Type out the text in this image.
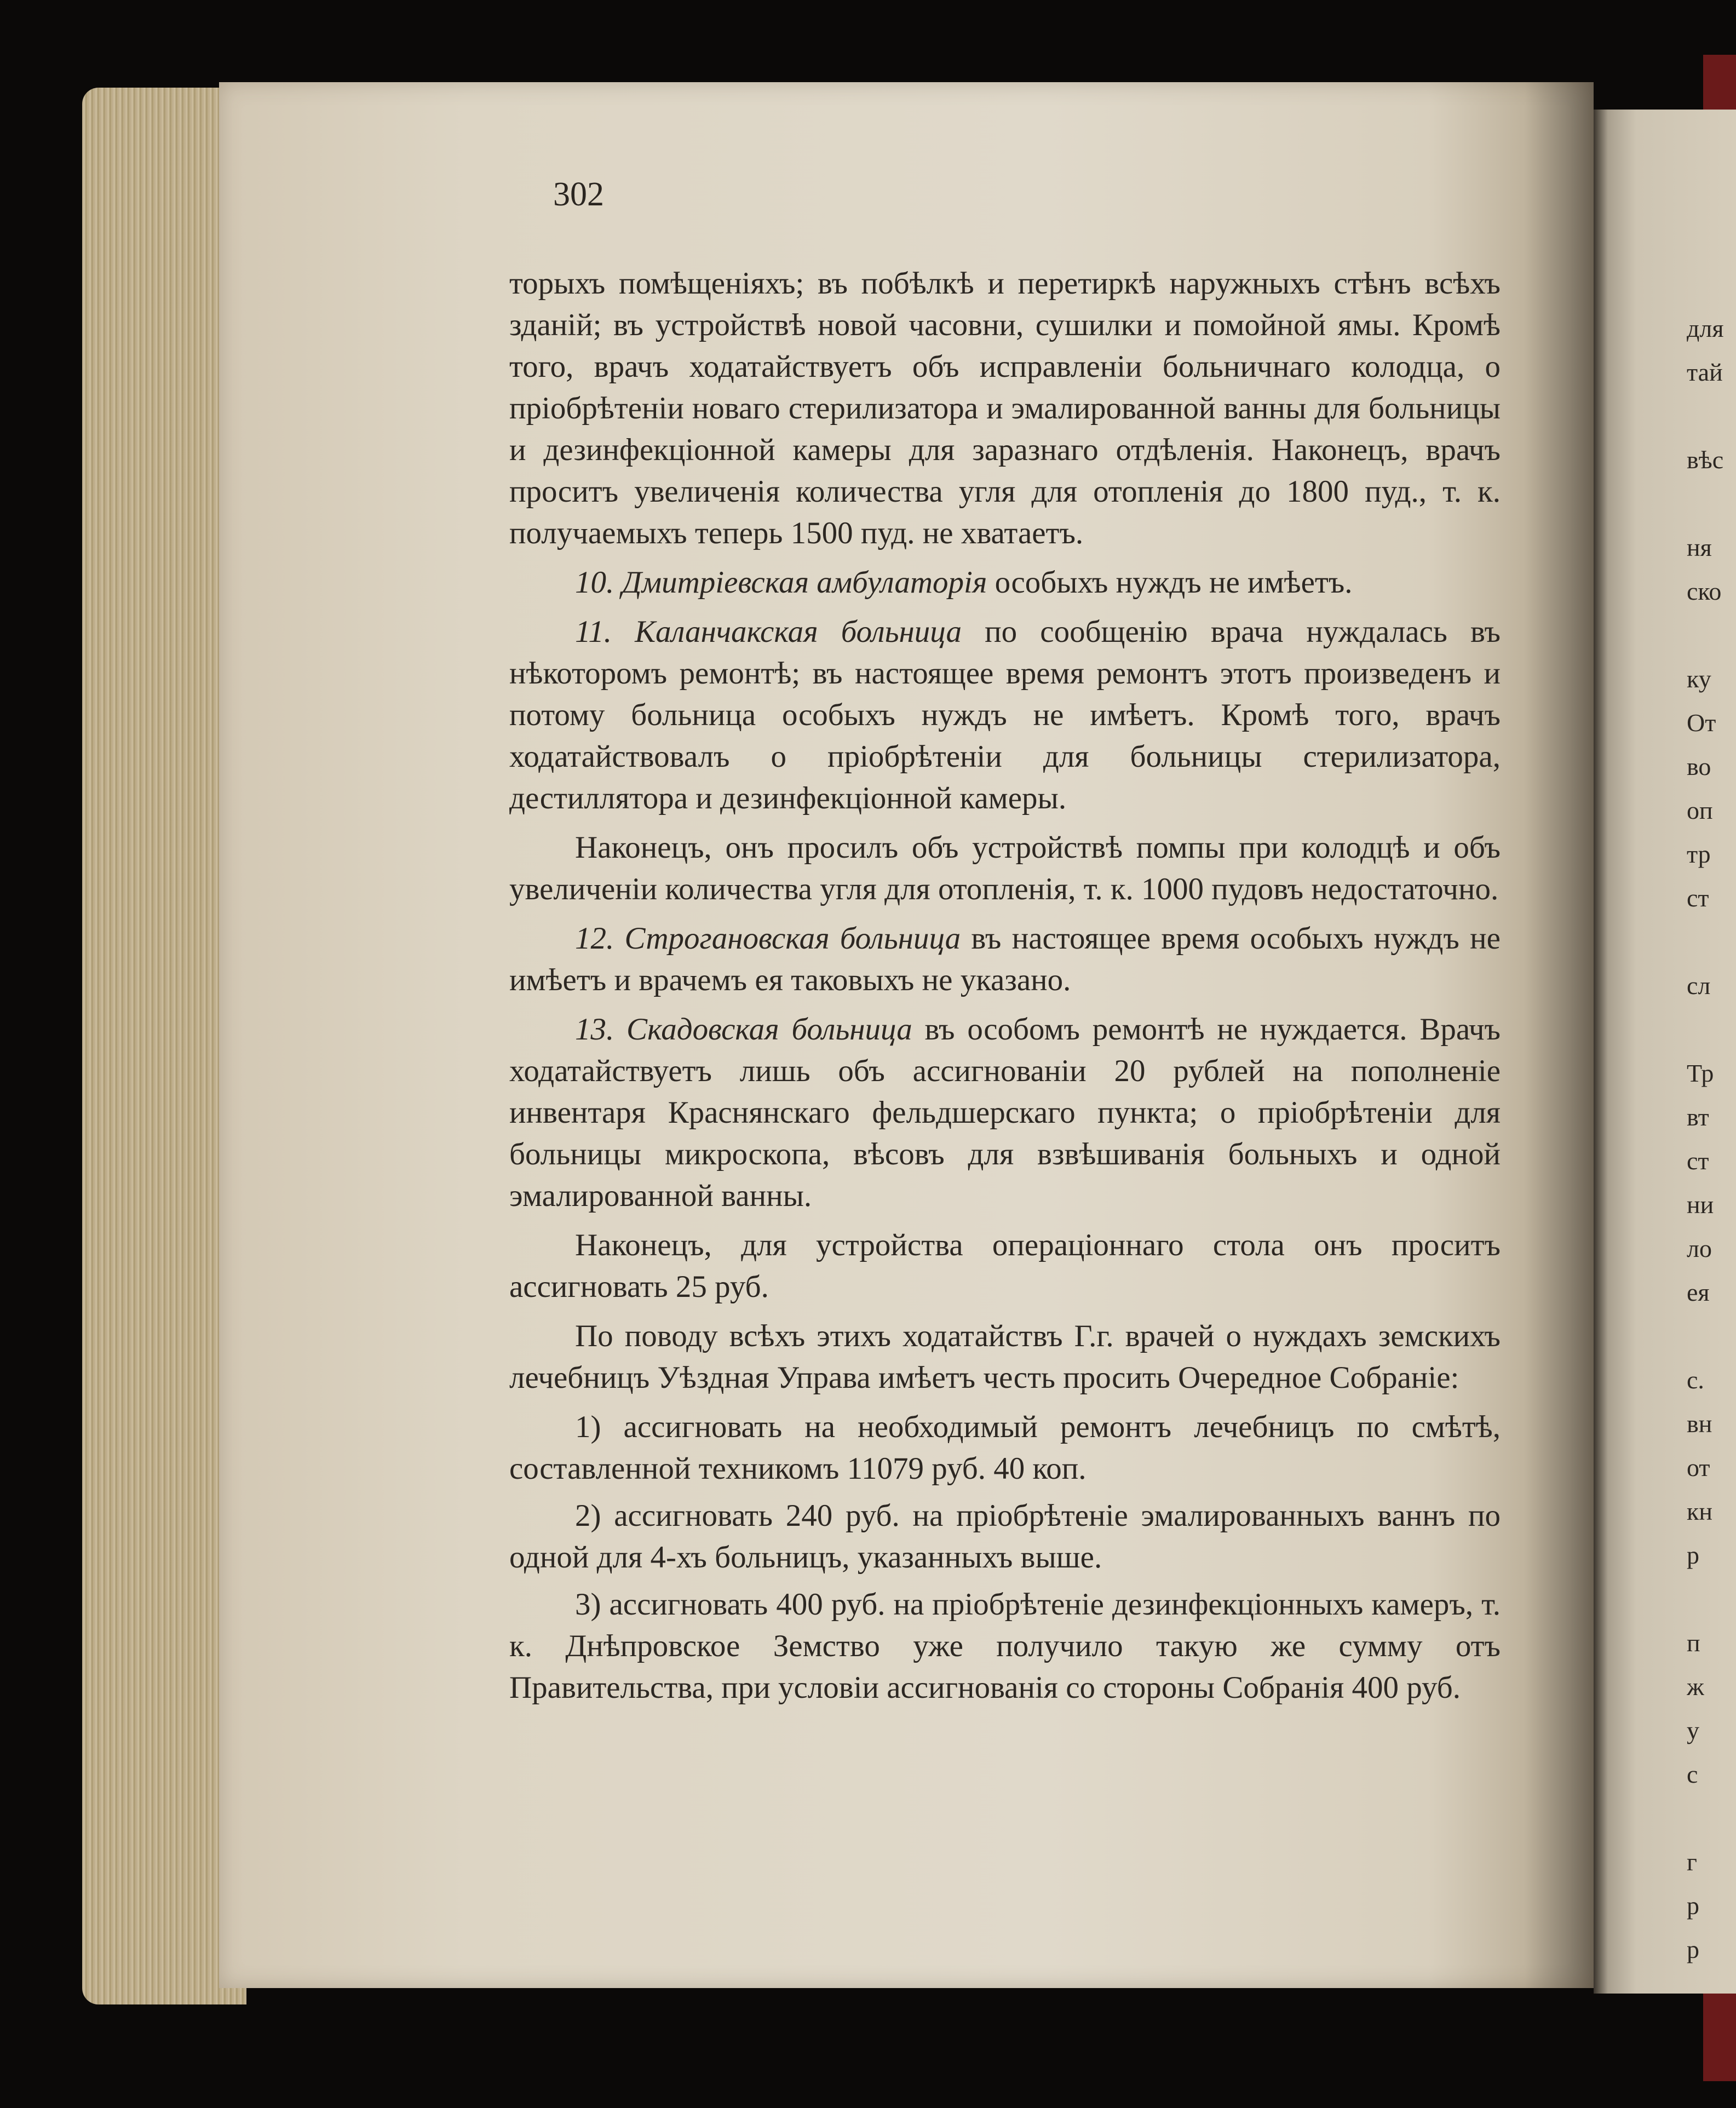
302

торыхъ помѣщеніяхъ; въ побѣлкѣ и перетиркѣ наружныхъ стѣнъ всѣхъ зданій; въ устройствѣ новой часовни, сушилки и помойной ямы. Кромѣ того, врачъ ходатайствуетъ объ исправленіи больничнаго колодца, о пріобрѣтеніи новаго стерилизатора и эмалированной ванны для больницы и дезинфекціонной камеры для заразнаго отдѣленія. Наконецъ, врачъ проситъ увеличенія количества угля для отопленія до 1800 пуд., т. к. получаемыхъ теперь 1500 пуд. не хватаетъ.

10. Дмитріевская амбулаторія особыхъ нуждъ не имѣетъ.

11. Каланчакская больница по сообщенію врача нуждалась въ нѣкоторомъ ремонтѣ; въ настоящее время ремонтъ этотъ произведенъ и потому больница особыхъ нуждъ не имѣетъ. Кромѣ того, врачъ ходатайствовалъ о пріобрѣтеніи для больницы стерилизатора, дестиллятора и дезинфекціонной камеры.

Наконецъ, онъ просилъ объ устройствѣ помпы при колодцѣ и объ увеличеніи количества угля для отопленія, т. к. 1000 пудовъ недостаточно.

12. Строгановская больница въ настоящее время особыхъ нуждъ не имѣетъ и врачемъ ея таковыхъ не указано.

13. Скадовская больница въ особомъ ремонтѣ не нуждается. Врачъ ходатайствуетъ лишь объ ассигнованіи 20 рублей на пополненіе инвентаря Краснянскаго фельдшерскаго пункта; о пріобрѣтеніи для больницы микроскопа, вѣсовъ для взвѣшиванія больныхъ и одной эмалированной ванны.

Наконецъ, для устройства операціоннаго стола онъ проситъ ассигновать 25 руб.

По поводу всѣхъ этихъ ходатайствъ Г.г. врачей о нуждахъ земскихъ лечебницъ Уѣздная Управа имѣетъ честь просить Очередное Собраніе:

1) ассигновать на необходимый ремонтъ лечебницъ по смѣтѣ, составленной техникомъ 11079 руб. 40 коп.

2) ассигновать 240 руб. на пріобрѣтеніе эмалированныхъ ваннъ по одной для 4-хъ больницъ, указанныхъ выше.

3) ассигновать 400 руб. на пріобрѣтеніе дезинфекціонныхъ камеръ, т. к. Днѣпровское Земство уже получило такую же сумму отъ Правительства, при условіи ассигнованія со стороны Собранія 400 руб.

для
тай
вѣс
ня
ско
ку
От
во
оп
тр
ст
сл
Тр
вт
ст
ни
ло
ея
с.
вн
от
кн
р
п
ж
у
с
г
р
р
